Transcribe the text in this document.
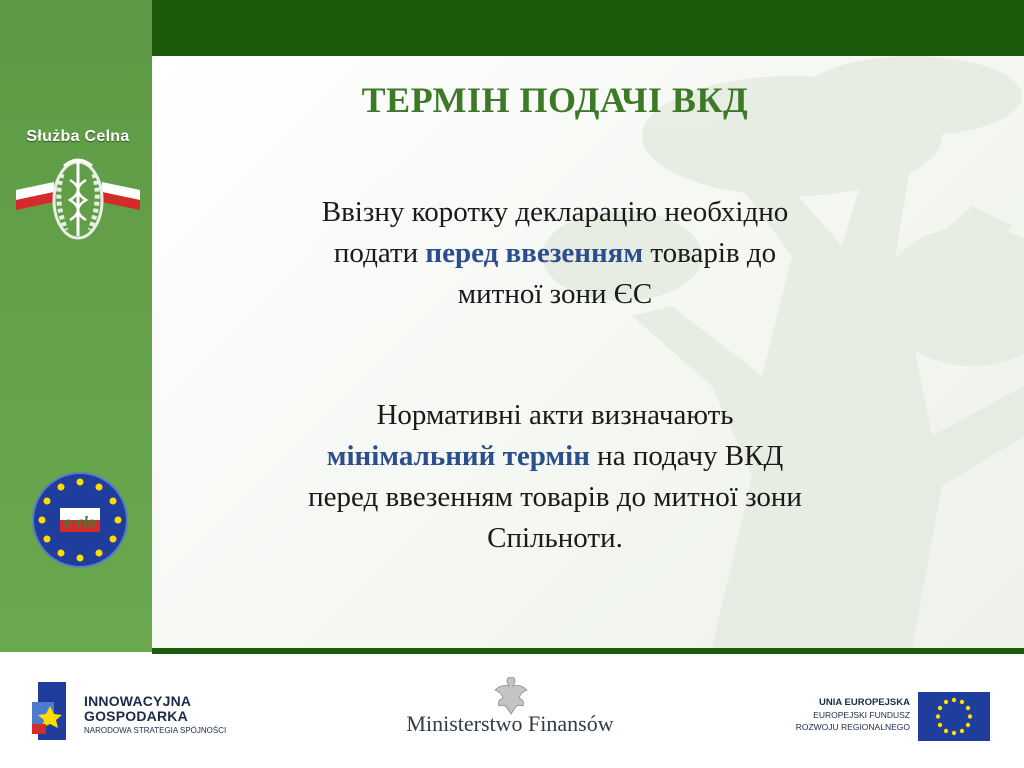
ТЕРМІН ПОДАЧІ ВКД
Ввізну коротку декларацію необхідно
подати перед ввезенням товарів до
митної зони ЄС
Нормативні акти визначають
мінімальний термін на подачу ВКД
перед ввезенням товарів до митної зони
Спільноти.
Służba Celna
e-clo
INNOWACYJNA
GOSPODARKA
NARODOWA STRATEGIA SPÓJNOŚCI	Ministerstwo Finansów
UNIA EUROPEJSKA
EUROPEJSKI FUNDUSZ
ROZWOJU REGIONALNEGO
